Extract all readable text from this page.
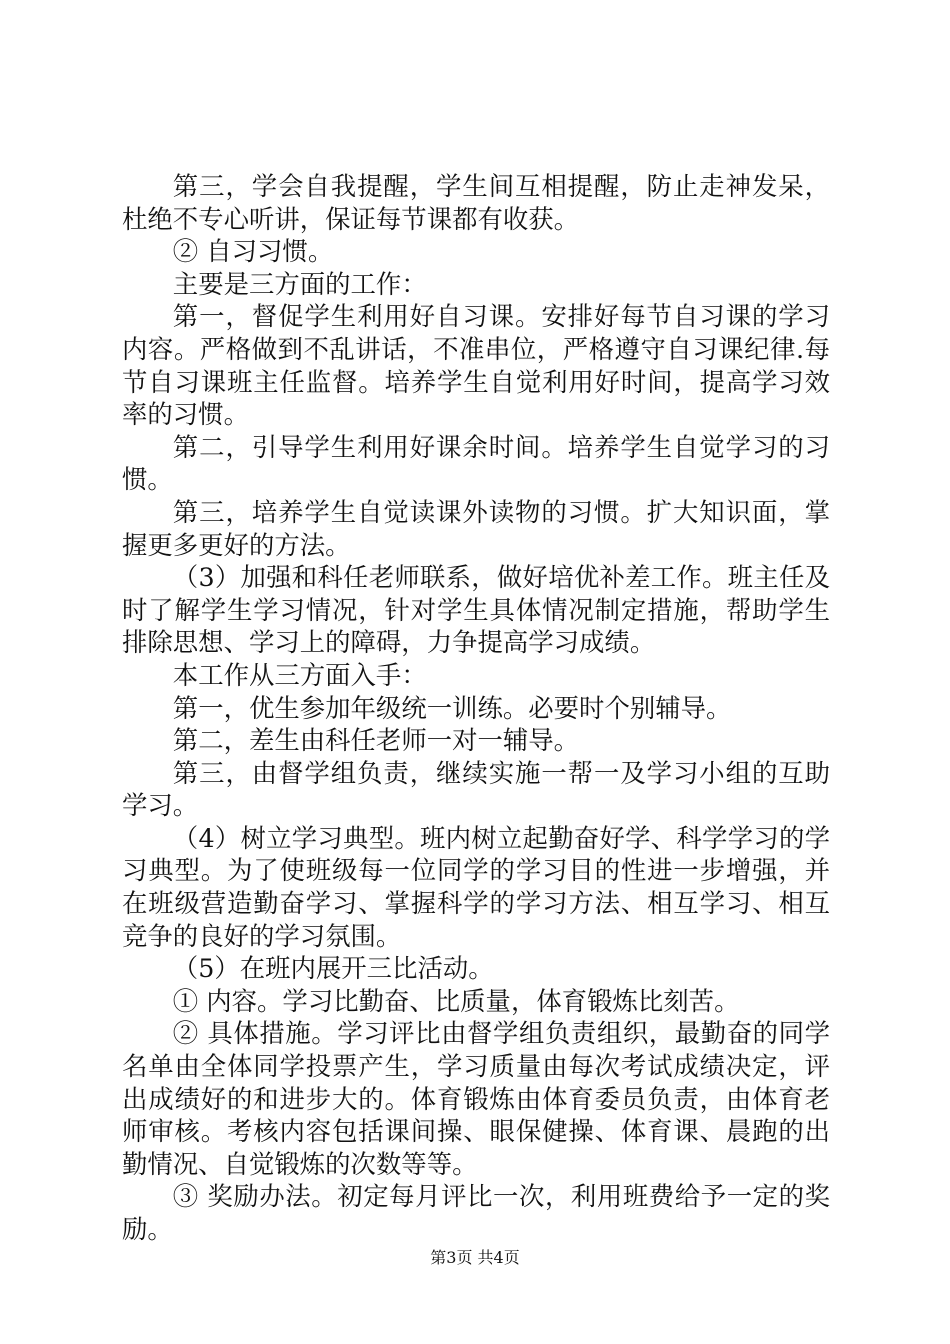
第三，学会自我提醒，学生间互相提醒，防止走神发呆，杜绝不专心听讲，保证每节课都有收获。

② 自习习惯。

主要是三方面的工作：

第一，督促学生利用好自习课。安排好每节自习课的学习内容。严格做到不乱讲话，不准串位，严格遵守自习课纪律.每节自习课班主任监督。培养学生自觉利用好时间，提高学习效率的习惯。

第二，引导学生利用好课余时间。培养学生自觉学习的习惯。

第三，培养学生自觉读课外读物的习惯。扩大知识面，掌握更多更好的方法。

（3）加强和科任老师联系，做好培优补差工作。班主任及时了解学生学习情况，针对学生具体情况制定措施，帮助学生排除思想、学习上的障碍，力争提高学习成绩。

本工作从三方面入手：

第一，优生参加年级统一训练。必要时个别辅导。

第二，差生由科任老师一对一辅导。

第三，由督学组负责，继续实施一帮一及学习小组的互助学习。

（4）树立学习典型。班内树立起勤奋好学、科学学习的学习典型。为了使班级每一位同学的学习目的性进一步增强，并在班级营造勤奋学习、掌握科学的学习方法、相互学习、相互竞争的良好的学习氛围。

（5）在班内展开三比活动。

① 内容。学习比勤奋、比质量，体育锻炼比刻苦。

② 具体措施。学习评比由督学组负责组织，最勤奋的同学名单由全体同学投票产生，学习质量由每次考试成绩决定，评出成绩好的和进步大的。体育锻炼由体育委员负责，由体育老师审核。考核内容包括课间操、眼保健操、体育课、晨跑的出勤情况、自觉锻炼的次数等等。

③ 奖励办法。初定每月评比一次，利用班费给予一定的奖励。

第3页 共4页
